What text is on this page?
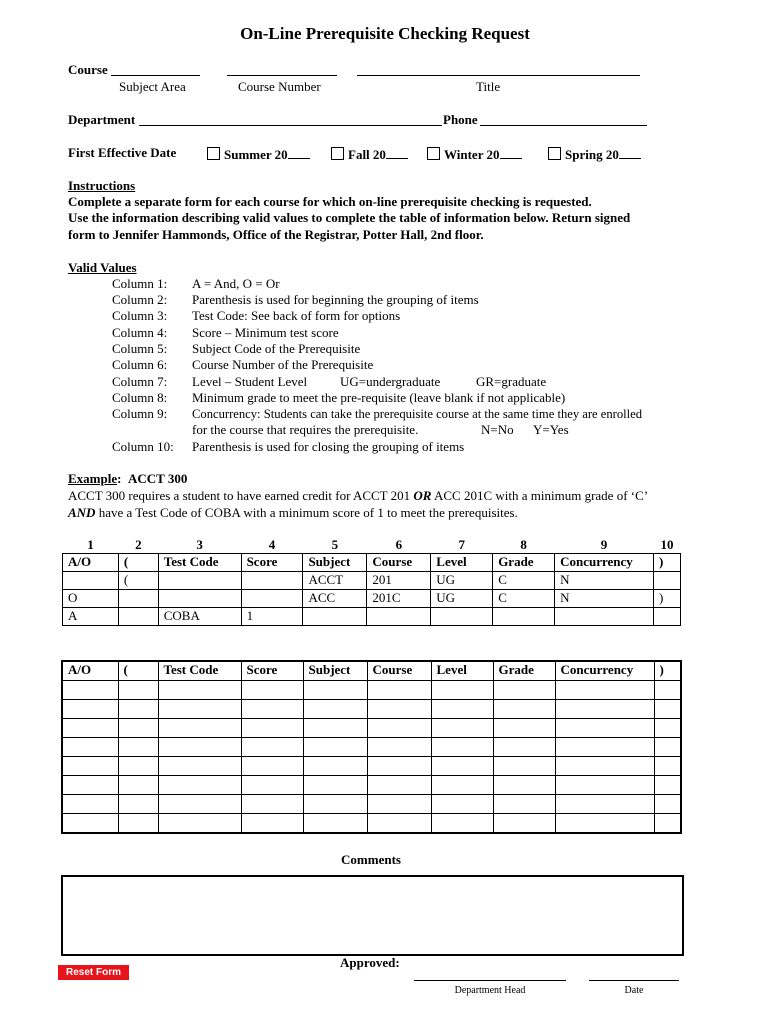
On-Line Prerequisite Checking Request
Course
Subject Area	Course Number	Title
Department	Phone
First Effective Date	Summer 20	Fall 20	Winter 20	Spring 20
Instructions
Complete a separate form for each course for which on-line prerequisite checking is requested.
Use the information describing valid values to complete the table of information below. Return signed
form to Jennifer Hammonds, Office of the Registrar, Potter Hall, 2nd floor.
Valid Values
Column 1: A = And, O = Or
Column 2: Parenthesis is used for beginning the grouping of items
Column 3: Test Code: See back of form for options
Column 4: Score – Minimum test score
Column 5: Subject Code of the Prerequisite
Column 6: Course Number of the Prerequisite
Column 7: Level – Student Level	UG=undergraduate	GR=graduate
Column 8: Minimum grade to meet the pre-requisite (leave blank if not applicable)
Column 9: Concurrency: Students can take the prerequisite course at the same time they are enrolled
for the course that requires the prerequisite.	N=No Y=Yes
Column 10: Parenthesis is used for closing the grouping of items
Example:  ACCT 300
ACCT 300 requires a student to have earned credit for ACCT 201 OR ACC 201C with a minimum grade of ‘C’
AND have a Test Code of COBA with a minimum score of 1 to meet the prerequisites.
1	2	3	4	5	6	7	8	9	10
A/O	(	Test Code	Score	Subject	Course	Level	Grade	Concurrency	)
	(			ACCT	201	UG	C	N	
O				ACC	201C	UG	C	N	)
A		COBA	1						
A/O	(	Test Code	Score	Subject	Course	Level	Grade	Concurrency	)

Comments
Approved:
Department Head	Date
Reset Form
